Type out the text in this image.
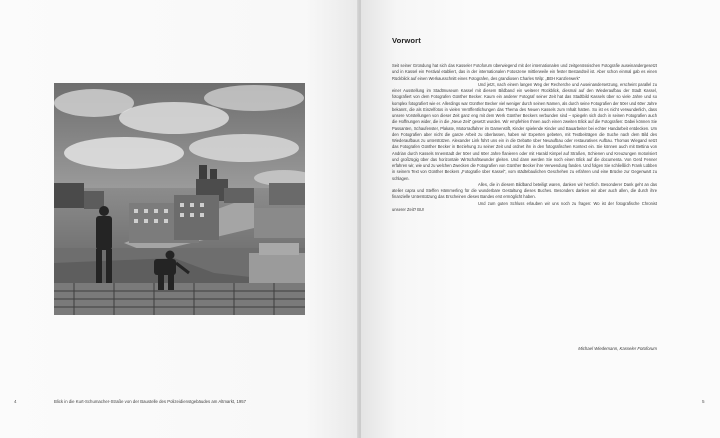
Blick in die Kurt-Schumacher-Straße von der Baustelle des Polizeidienstgebäudes am Altmarkt, 1957
4
Vorwort

Seit seiner Gründung hat sich das Kasseler Fotoforum überwiegend mit der internationalen und zeitgenössischen Fotografie auseinandergesetzt und in Kassel ein Festival etabliert, das in der internationalen Fotoszene mittlerweile ein fester Bestandteil ist. Aber schon einmal gab es einen Rückblick auf einen Werkausschnitt eines Fotografen, des grandiosen Charles Wilp: „BEH Kanzlerwerk“

Und jetzt, nach einem langen Weg der Recherche und Auseinandersetzung, erscheint parallel zu einer Ausstellung im Stadtmuseum Kassel mit diesem Bildband ein weiterer Rückblick, diesmal auf den Wiederaufbau der Stadt Kassel, fotografiert von dem Fotografen Günther Becker. Kaum ein anderer Fotograf seiner Zeit hat das Stadtbild Kassels über so viele Jahre und so komplex fotografiert wie er. Allerdings war Günther Becker viel weniger durch seinen Namen, als durch seine Fotografien der 50er und 60er Jahre bekannt, die als Einzelfotos in vielen Veröffentlichungen das Thema des Neuen Kassels zum Inhalt hatten. So ist es nicht verwunderlich, dass unsere Vorstellungen von dieser Zeit ganz eng mit dem Werk Günther Beckers verbunden sind – spiegeln sich doch in seinen Fotografien auch die Hoffnungen wider, die in die „Neue Zeit“ gesetzt wurden. Wir empfehlen Ihnen auch einen zweiten Blick auf die Fotografien: Dabei können Sie Passanten, Schaufenster, Plakate, Motorradfahrer im Damenstift, Kinder spielende Kinder und Bauarbeiter bei echter Handarbeit entdecken. Um den Fotografien aber nicht die ganze Arbeit zu überlassen, haben wir Experten gebeten, mit Textbeiträgen die Suche nach dem Bild des Wiederaufbaus zu unterstützen. Alexander Link führt uns ein in die Debatte über Neuaufbau oder restauratives Aufbau. Thomas Wiegand setzt das Fotografen Günther Becker in Beziehung zu seiner Zeit und ordnet ihn in den fotografischen Kontext ein. Sie können auch mit Bettina von Andrian durch Kassels Innenstadt der 50er und 60er Jahre flanieren oder mit Harald Kimpel auf Straßen, Schienen und Kreuzungen motorisiert und großzügig über das horizontale Wirtschaftswunder gleiten. Und dann werden Sie noch einen Blick auf die documenta. Von Gerd Fenner erfahren wir, wie und zu welchen Zwecken die Fotografien von Günther Becker ihre Verwendung fanden. Und folgen Sie schließlich Frank Lübben in seinem Text von Günther Beckers „Fotografie über Kassel“, vom städtebaulichen Geschehen zu erfahren und eine Brücke zur Gegenwart zu schlagen.

Alles, die in diesem Bildband beteiligt waren, danken wir herzlich. Besonderer Dank geht an das atelier capra und Steffen Hämmerling für die wunderbare Gestaltung dieses Buches. Besonders danken wir aber auch allen, die durch ihre finanzielle Unterstützung das Erscheinen dieses Bandes erst ermöglicht haben.

Und zum guten Schluss erlauben wir uns noch zu fragen: Wo ist der fotografische Chronist unserer Zeit? BU!

Michael Wiedemann, Kasseler Fotoforum
5
